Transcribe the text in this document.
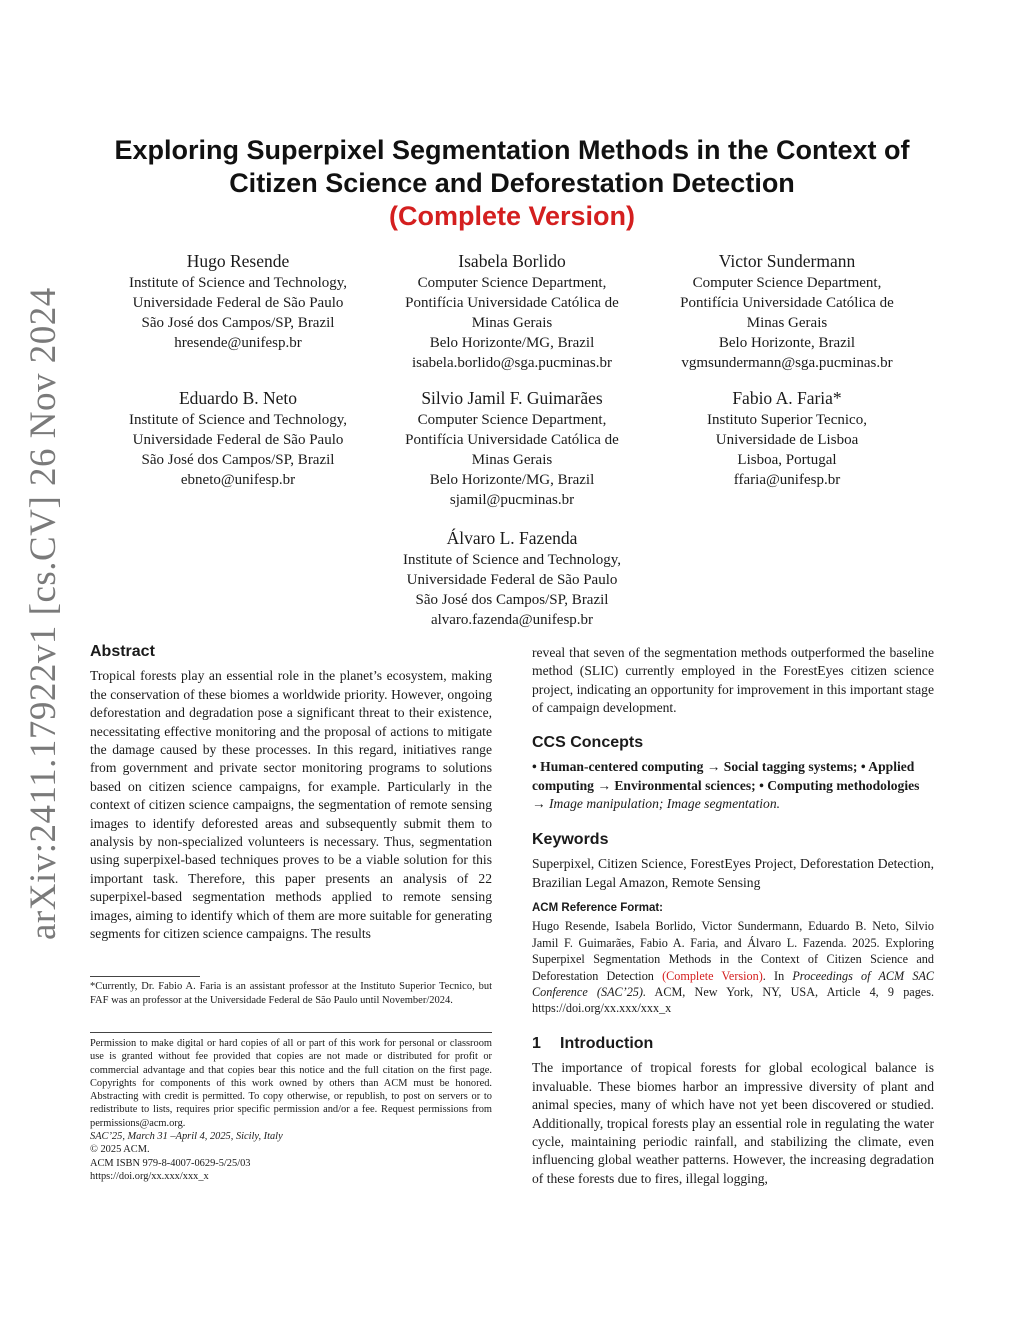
arXiv:2411.17922v1 [cs.CV] 26 Nov 2024
Exploring Superpixel Segmentation Methods in the Context of
Citizen Science and Deforestation Detection
(Complete Version)
Hugo Resende
Institute of Science and Technology,
Universidade Federal de São Paulo
São José dos Campos/SP, Brazil
hresende@unifesp.br
Isabela Borlido
Computer Science Department,
Pontifícia Universidade Católica de
Minas Gerais
Belo Horizonte/MG, Brazil
isabela.borlido@sga.pucminas.br
Victor Sundermann
Computer Science Department,
Pontifícia Universidade Católica de
Minas Gerais
Belo Horizonte, Brazil
vgmsundermann@sga.pucminas.br
Eduardo B. Neto
Institute of Science and Technology,
Universidade Federal de São Paulo
São José dos Campos/SP, Brazil
ebneto@unifesp.br
Silvio Jamil F. Guimarães
Computer Science Department,
Pontifícia Universidade Católica de
Minas Gerais
Belo Horizonte/MG, Brazil
sjamil@pucminas.br
Fabio A. Faria*
Instituto Superior Tecnico,
Universidade de Lisboa
Lisboa, Portugal
ffaria@unifesp.br
Álvaro L. Fazenda
Institute of Science and Technology,
Universidade Federal de São Paulo
São José dos Campos/SP, Brazil
alvaro.fazenda@unifesp.br
Abstract

Tropical forests play an essential role in the planet’s ecosystem, making the conservation of these biomes a worldwide priority. However, ongoing deforestation and degradation pose a significant threat to their existence, necessitating effective monitoring and the proposal of actions to mitigate the damage caused by these processes. In this regard, initiatives range from government and private sector monitoring programs to solutions based on citizen science campaigns, for example. Particularly in the context of citizen science campaigns, the segmentation of remote sensing images to identify deforested areas and subsequently submit them to analysis by non-specialized volunteers is necessary. Thus, segmentation using superpixel-based techniques proves to be a viable solution for this important task. Therefore, this paper presents an analysis of 22 superpixel-based segmentation methods applied to remote sensing images, aiming to identify which of them are more suitable for generating segments for citizen science campaigns. The results

*Currently, Dr. Fabio A. Faria is an assistant professor at the Instituto Superior Tecnico, but FAF was an professor at the Universidade Federal de São Paulo until November/2024.

Permission to make digital or hard copies of all or part of this work for personal or classroom use is granted without fee provided that copies are not made or distributed for profit or commercial advantage and that copies bear this notice and the full citation on the first page. Copyrights for components of this work owned by others than ACM must be honored. Abstracting with credit is permitted. To copy otherwise, or republish, to post on servers or to redistribute to lists, requires prior specific permission and/or a fee. Request permissions from permissions@acm.org.

SAC’25, March 31 –April 4, 2025, Sicily, Italy
© 2025 ACM.
ACM ISBN 979-8-4007-0629-5/25/03
https://doi.org/xx.xxx/xxx_x

reveal that seven of the segmentation methods outperformed the baseline method (SLIC) currently employed in the ForestEyes citizen science project, indicating an opportunity for improvement in this important stage of campaign development.

CCS Concepts

• Human-centered computing → Social tagging systems; • Applied computing → Environmental sciences; • Computing methodologies → Image manipulation; Image segmentation.

Keywords

Superpixel, Citizen Science, ForestEyes Project, Deforestation Detection, Brazilian Legal Amazon, Remote Sensing

ACM Reference Format:

Hugo Resende, Isabela Borlido, Victor Sundermann, Eduardo B. Neto, Silvio Jamil F. Guimarães, Fabio A. Faria, and Álvaro L. Fazenda. 2025. Exploring Superpixel Segmentation Methods in the Context of Citizen Science and Deforestation Detection (Complete Version). In Proceedings of ACM SAC Conference (SAC’25). ACM, New York, NY, USA, Article 4, 9 pages. https://doi.org/xx.xxx/xxx_x

1 Introduction

The importance of tropical forests for global ecological balance is invaluable. These biomes harbor an impressive diversity of plant and animal species, many of which have not yet been discovered or studied. Additionally, tropical forests play an essential role in regulating the water cycle, maintaining periodic rainfall, and stabilizing the climate, even influencing global weather patterns. However, the increasing degradation of these forests due to fires, illegal logging,
